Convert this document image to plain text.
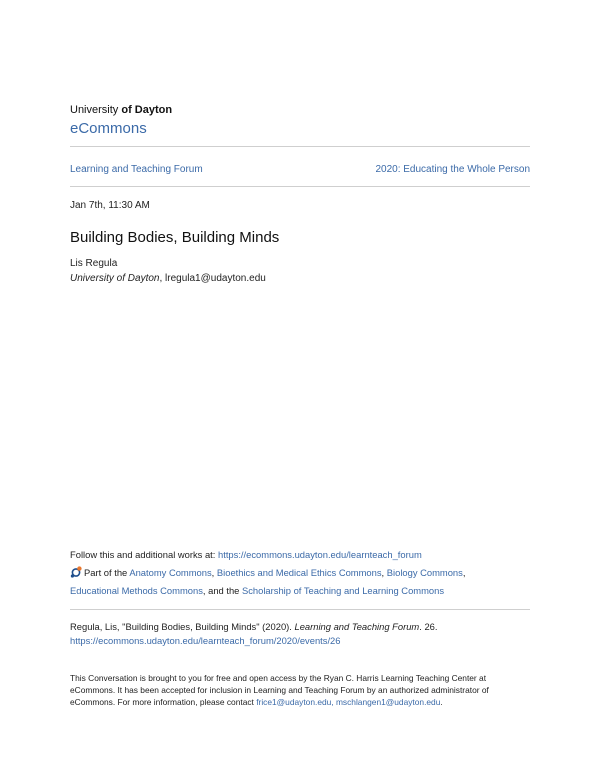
University of Dayton
eCommons
Learning and Teaching Forum	2020: Educating the Whole Person
Jan 7th, 11:30 AM
Building Bodies, Building Minds
Lis Regula
University of Dayton, lregula1@udayton.edu
Follow this and additional works at: https://ecommons.udayton.edu/learnteach_forum
Part of the Anatomy Commons, Bioethics and Medical Ethics Commons, Biology Commons,
Educational Methods Commons, and the Scholarship of Teaching and Learning Commons
Regula, Lis, "Building Bodies, Building Minds" (2020). Learning and Teaching Forum. 26.
https://ecommons.udayton.edu/learnteach_forum/2020/events/26
This Conversation is brought to you for free and open access by the Ryan C. Harris Learning Teaching Center at
eCommons. It has been accepted for inclusion in Learning and Teaching Forum by an authorized administrator of
eCommons. For more information, please contact frice1@udayton.edu, mschlangen1@udayton.edu.
